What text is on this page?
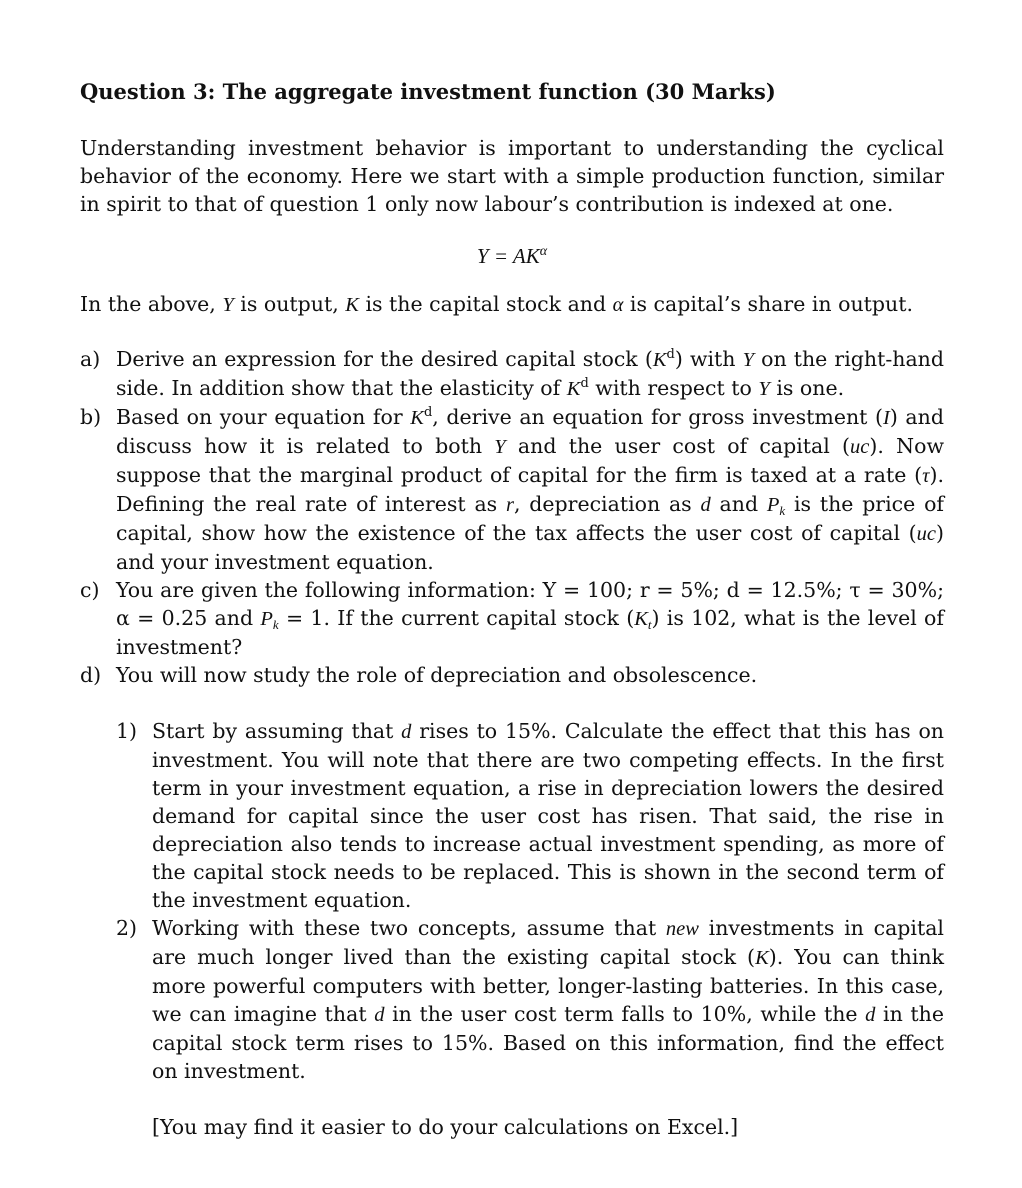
Question 3: The aggregate investment function (30 Marks)

Understanding investment behavior is important to understanding the cyclical behavior of the economy. Here we start with a simple production function, similar in spirit to that of question 1 only now labour’s contribution is indexed at one.

$Y = AK^\alpha$

In the above, Y is output, K is the capital stock and α is capital’s share in output.

a) Derive an expression for the desired capital stock $(K^d)$ with Y on the right-hand side. In addition show that the elasticity of $K^d$ with respect to Y is one.
b) Based on your equation for $K^d$, derive an equation for gross investment (I) and discuss how it is related to both Y and the user cost of capital (uc). Now suppose that the marginal product of capital for the firm is taxed at a rate (τ). Defining the real rate of interest as r, depreciation as d and $P_k$ is the price of capital, show how the existence of the tax affects the user cost of capital (uc) and your investment equation.
c) You are given the following information: Y = 100; r = 5%; d = 12.5%; τ = 30%; α = 0.25 and $P_k = 1$. If the current capital stock $(K_t)$ is 102, what is the level of investment?
d) You will now study the role of depreciation and obsolescence.
1) Start by assuming that d rises to 15%. Calculate the effect that this has on investment. You will note that there are two competing effects. In the first term in your investment equation, a rise in depreciation lowers the desired demand for capital since the user cost has risen. That said, the rise in depreciation also tends to increase actual investment spending, as more of the capital stock needs to be replaced. This is shown in the second term of the investment equation.
2) Working with these two concepts, assume that new investments in capital are much longer lived than the existing capital stock (K). You can think more powerful computers with better, longer-lasting batteries. In this case, we can imagine that d in the user cost term falls to 10%, while the d in the capital stock term rises to 15%. Based on this information, find the effect on investment.

[You may find it easier to do your calculations on Excel.]
